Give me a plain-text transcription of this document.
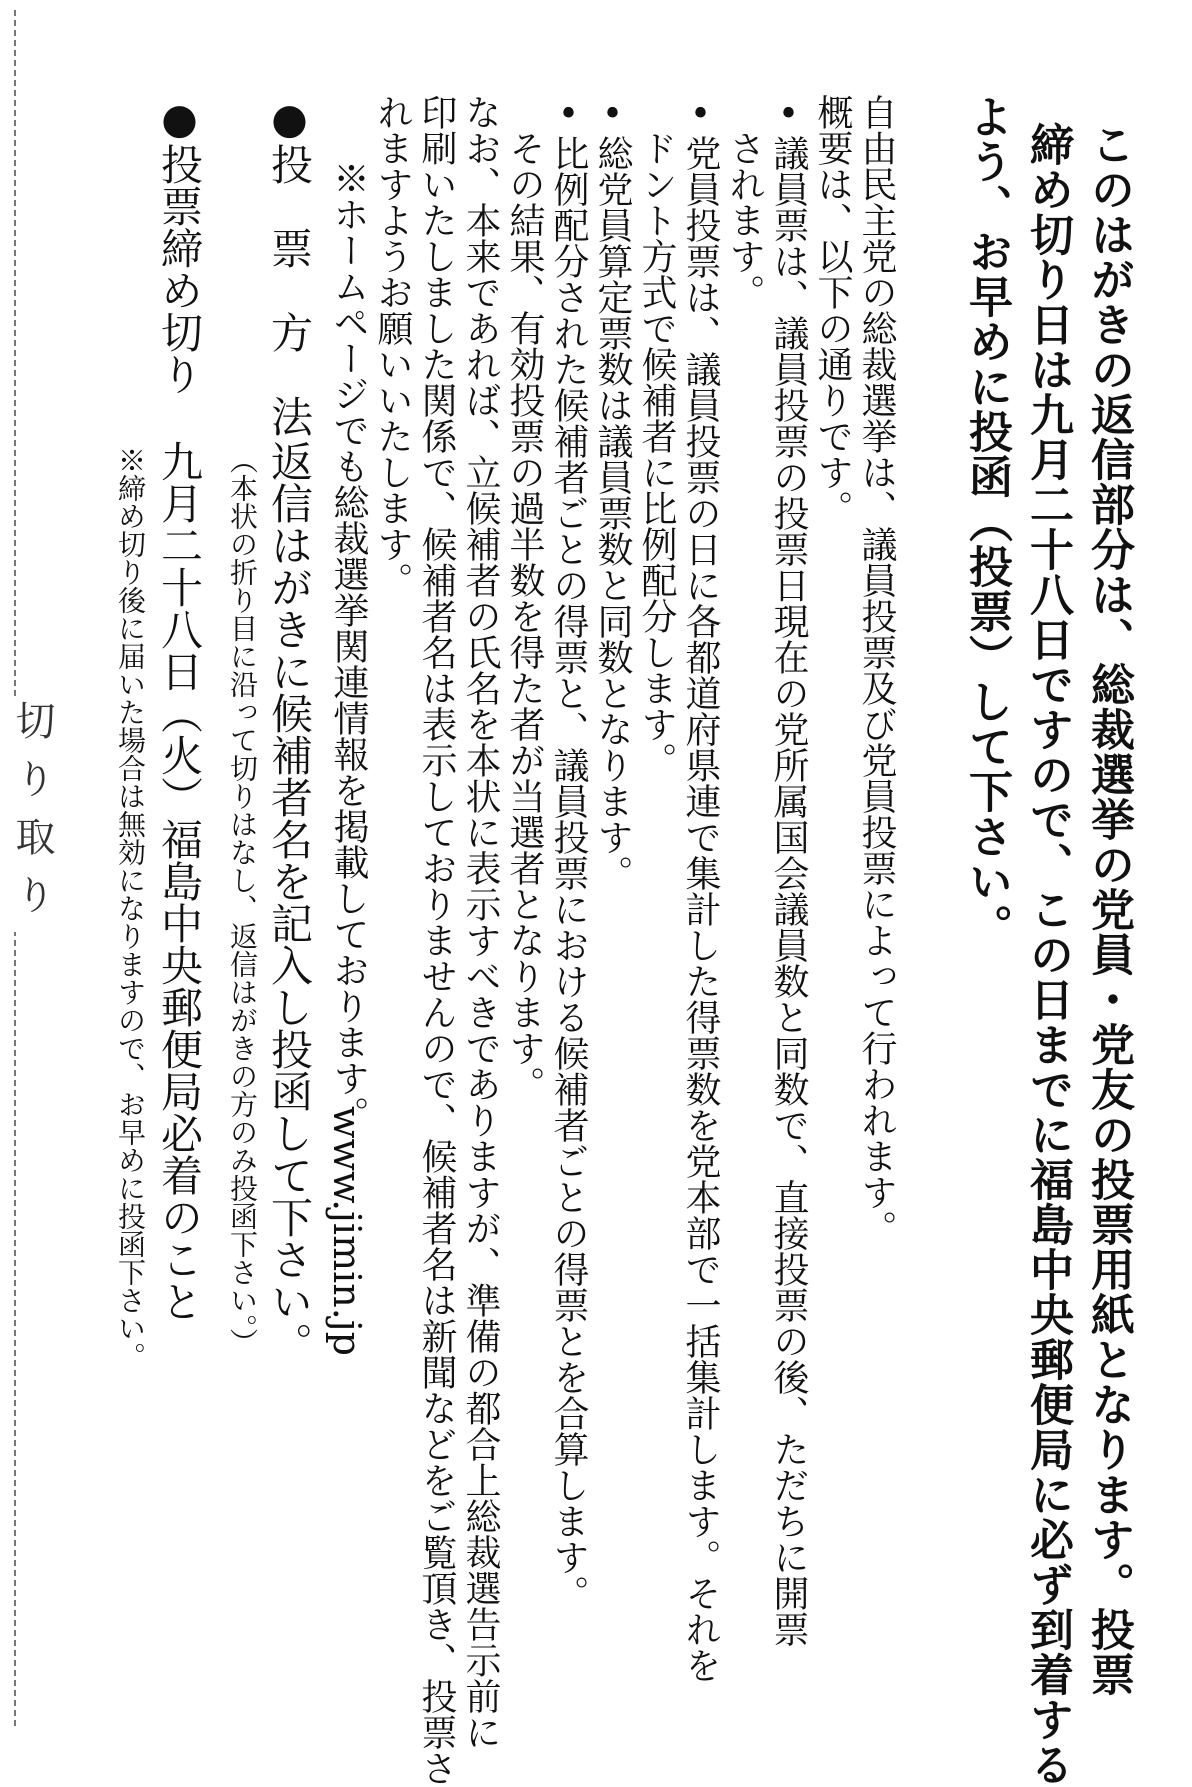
切り取り	このはがきの返信部分は、総裁選挙の党員・党友の投票用紙となります。投票

締め切り日は九月二十八日ですので、この日までに福島中央郵便局に必ず到着する

よう、お早めに投函（投票）して下さい。

自由民主党の総裁選挙は、議員投票及び党員投票によって行われます。

概要は、以下の通りです。

•議員票は、議員投票の投票日現在の党所属国会議員数と同数で、直接投票の後、ただちに開票

　されます。

•党員投票は、議員投票の日に各都道府県連で集計した得票数を党本部で一括集計します。それを

　ドント方式で候補者に比例配分します。

•総党員算定票数は議員票数と同数となります。

•比例配分された候補者ごとの得票と、議員投票における候補者ごとの得票とを合算します。

　その結果、有効投票の過半数を得た者が当選者となります。

なお、本来であれば、立候補者の氏名を本状に表示すべきでありますが、準備の都合上総裁選告示前に

印刷いたしました関係で、候補者名は表示しておりませんので、候補者名は新聞などをご覧頂き、投票さ

れますようお願いいたします。

※ホームページでも総裁選挙関連情報を掲載しております。

www.jimin.jp

●投　票　方　法

返信はがきに候補者名を記入し投函して下さい。

（本状の折り目に沿って切りはなし、返信はがきの方のみ投函下さい。）

●投票締め切り

九月二十八日（火）福島中央郵便局必着のこと

※締め切り後に届いた場合は無効になりますので、お早めに投函下さい。
